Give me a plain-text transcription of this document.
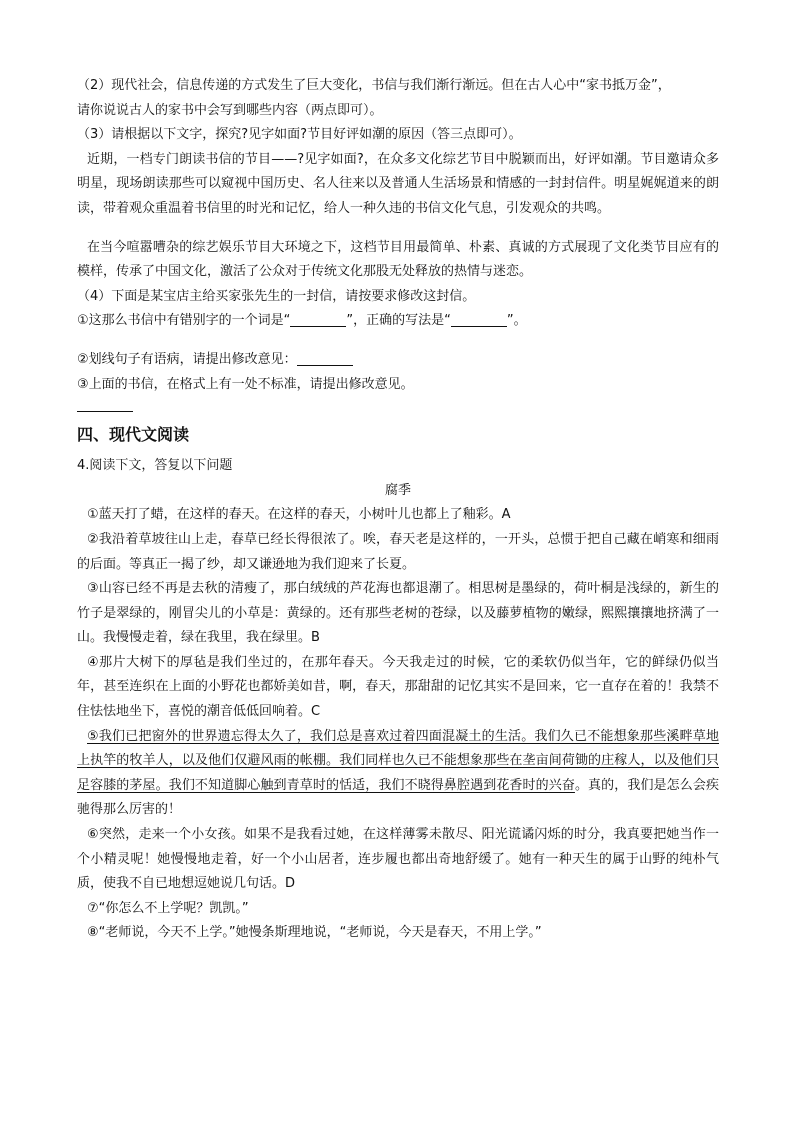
（2）现代社会，信息传递的方式发生了巨大变化，书信与我们渐行渐远。但在古人心中“家书抵万金”，

请你说说古人的家书中会写到哪些内容（两点即可）。

（3）请根据以下文字，探究?见字如面?节目好评如潮的原因（答三点即可）。

近期，一档专门朗读书信的节目——?见字如面?，在众多文化综艺节目中脱颖而出，好评如潮。节目邀请众多明星，现场朗读那些可以窥视中国历史、名人往来以及普通人生活场景和情感的一封封信件。明星娓娓道来的朗读，带着观众重温着书信里的时光和记忆，给人一种久违的书信文化气息，引发观众的共鸣。

在当今喧嚣嘈杂的综艺娱乐节目大环境之下，这档节目用最简单、朴素、真诚的方式展现了文化类节目应有的模样，传承了中国文化，激活了公众对于传统文化那股无处释放的热情与迷恋。

（4）下面是某宝店主给买家张先生的一封信，请按要求修改这封信。

①这那么书信中有错别字的一个词是“	”，正确的写法是“	”。

②划线句子有语病，请提出修改意见：

③上面的书信，在格式上有一处不标准，请提出修改意见。

四、现代文阅读

4.阅读下文，答复以下问题

腐季

①蓝天打了蜡，在这样的春天。在这样的春天，小树叶儿也都上了釉彩。A

②我沿着草坡往山上走，春草已经长得很浓了。唉，春天老是这样的，一开头，总惯于把自己藏在峭寒和细雨的后面。等真正一揭了纱，却又谦逊地为我们迎来了长夏。

③山容已经不再是去秋的清瘦了，那白绒绒的芦花海也都退潮了。相思树是墨绿的，荷叶桐是浅绿的，新生的竹子是翠绿的，刚冒尖儿的小草是：黄绿的。还有那些老树的苍绿，以及藤萝植物的嫩绿，熙熙攘攘地挤满了一山。我慢慢走着，绿在我里，我在绿里。B

④那片大树下的厚毡是我们坐过的，在那年春天。今天我走过的时候，它的柔软仍似当年，它的鲜绿仍似当年，甚至连织在上面的小野花也都娇美如昔，啊，春天，那甜甜的记忆其实不是回来，它一直存在着的！我禁不住怯怯地坐下，喜悦的潮音低低回响着。C

⑤我们已把窗外的世界遗忘得太久了，我们总是喜欢过着四面混凝土的生活。我们久已不能想象那些溪畔草地上执竿的牧羊人，以及他们仅避风雨的帐棚。我们同样也久已不能想象那些在垄亩间荷锄的庄稼人，以及他们只足容膝的茅屋。我们不知道脚心触到青草时的恬适，我们不晓得鼻腔遇到花香时的兴奋。真的，我们是怎么会疾驰得那么厉害的！

⑥突然，走来一个小女孩。如果不是我看过她，在这样薄雾未散尽、阳光谎谲闪烁的时分，我真要把她当作一个小精灵呢！她慢慢地走着，好一个小山居者，连步履也都出奇地舒缓了。她有一种天生的属于山野的纯朴气质，使我不自已地想逗她说几句话。D

⑦“你怎么不上学呢？凯凯。”

⑧“老师说，今天不上学。”她慢条斯理地说，“老师说，今天是春天，不用上学。”
